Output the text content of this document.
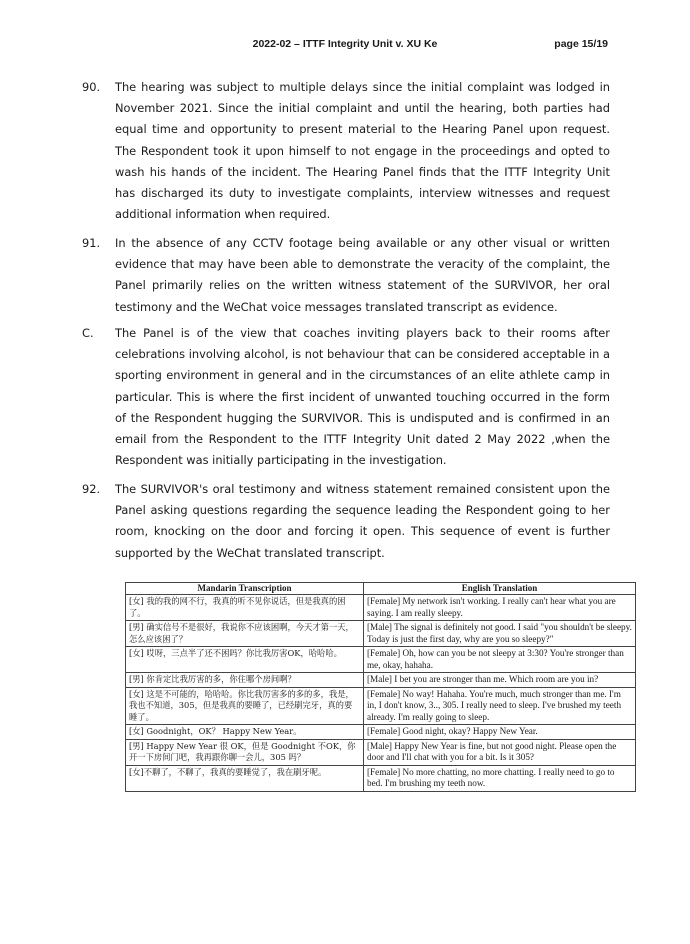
2022-02 – ITTF Integrity Unit v. XU Ke	page 15/19
90. The hearing was subject to multiple delays since the initial complaint was lodged in November 2021. Since the initial complaint and until the hearing, both parties had equal time and opportunity to present material to the Hearing Panel upon request. The Respondent took it upon himself to not engage in the proceedings and opted to wash his hands of the incident. The Hearing Panel finds that the ITTF Integrity Unit has discharged its duty to investigate complaints, interview witnesses and request additional information when required.
91. In the absence of any CCTV footage being available or any other visual or written evidence that may have been able to demonstrate the veracity of the complaint, the Panel primarily relies on the written witness statement of the SURVIVOR, her oral testimony and the WeChat voice messages translated transcript as evidence.
C. The Panel is of the view that coaches inviting players back to their rooms after celebrations involving alcohol, is not behaviour that can be considered acceptable in a sporting environment in general and in the circumstances of an elite athlete camp in particular. This is where the first incident of unwanted touching occurred in the form of the Respondent hugging the SURVIVOR. This is undisputed and is confirmed in an email from the Respondent to the ITTF Integrity Unit dated 2 May 2022 ,when the Respondent was initially participating in the investigation.
92. The SURVIVOR's oral testimony and witness statement remained consistent upon the Panel asking questions regarding the sequence leading the Respondent going to her room, knocking on the door and forcing it open. This sequence of event is further supported by the WeChat translated transcript.
Mandarin Transcription	English Translation
[女] 我的我的网不行，我真的听不见你说话，但是我真的困了。	[Female] My network isn't working. I really can't hear what you are saying. I am really sleepy.
[男] 确实信号不是很好，我说你不应该困啊，今天才第一天，怎么应该困了？	[Male] The signal is definitely not good. I said "you shouldn't be sleepy. Today is just the first day, why are you so sleepy?"
[女] 哎呀，三点半了还不困吗？你比我厉害OK，哈哈哈。	[Female] Oh, how can you be not sleepy at 3:30? You're stronger than me, okay, hahaha.
[男] 你肯定比我厉害的多，你住哪个房间啊？	[Male] I bet you are stronger than me. Which room are you in?
[女] 这是不可能的，哈哈哈。你比我厉害多的多的多，我是，我也不知道，305，但是我真的要睡了，已经刷完牙，真的要睡了。	[Female] No way! Hahaha. You're much, much stronger than me. I'm in, I don't know, 3.., 305. I really need to sleep. I've brushed my teeth already. I'm really going to sleep.
[女] Goodnight，OK？ Happy New Year。	[Female] Good night, okay? Happy New Year.
[男] Happy New Year 很 OK，但是 Goodnight 不OK，你开一下房间门吧，我再跟你聊一会儿，305 吗？	[Male] Happy New Year is fine, but not good night. Please open the door and I'll chat with you for a bit. Is it 305?
[女]不聊了，不聊了，我真的要睡觉了，我在刷牙呢。	[Female] No more chatting, no more chatting. I really need to go to bed. I'm brushing my teeth now.
